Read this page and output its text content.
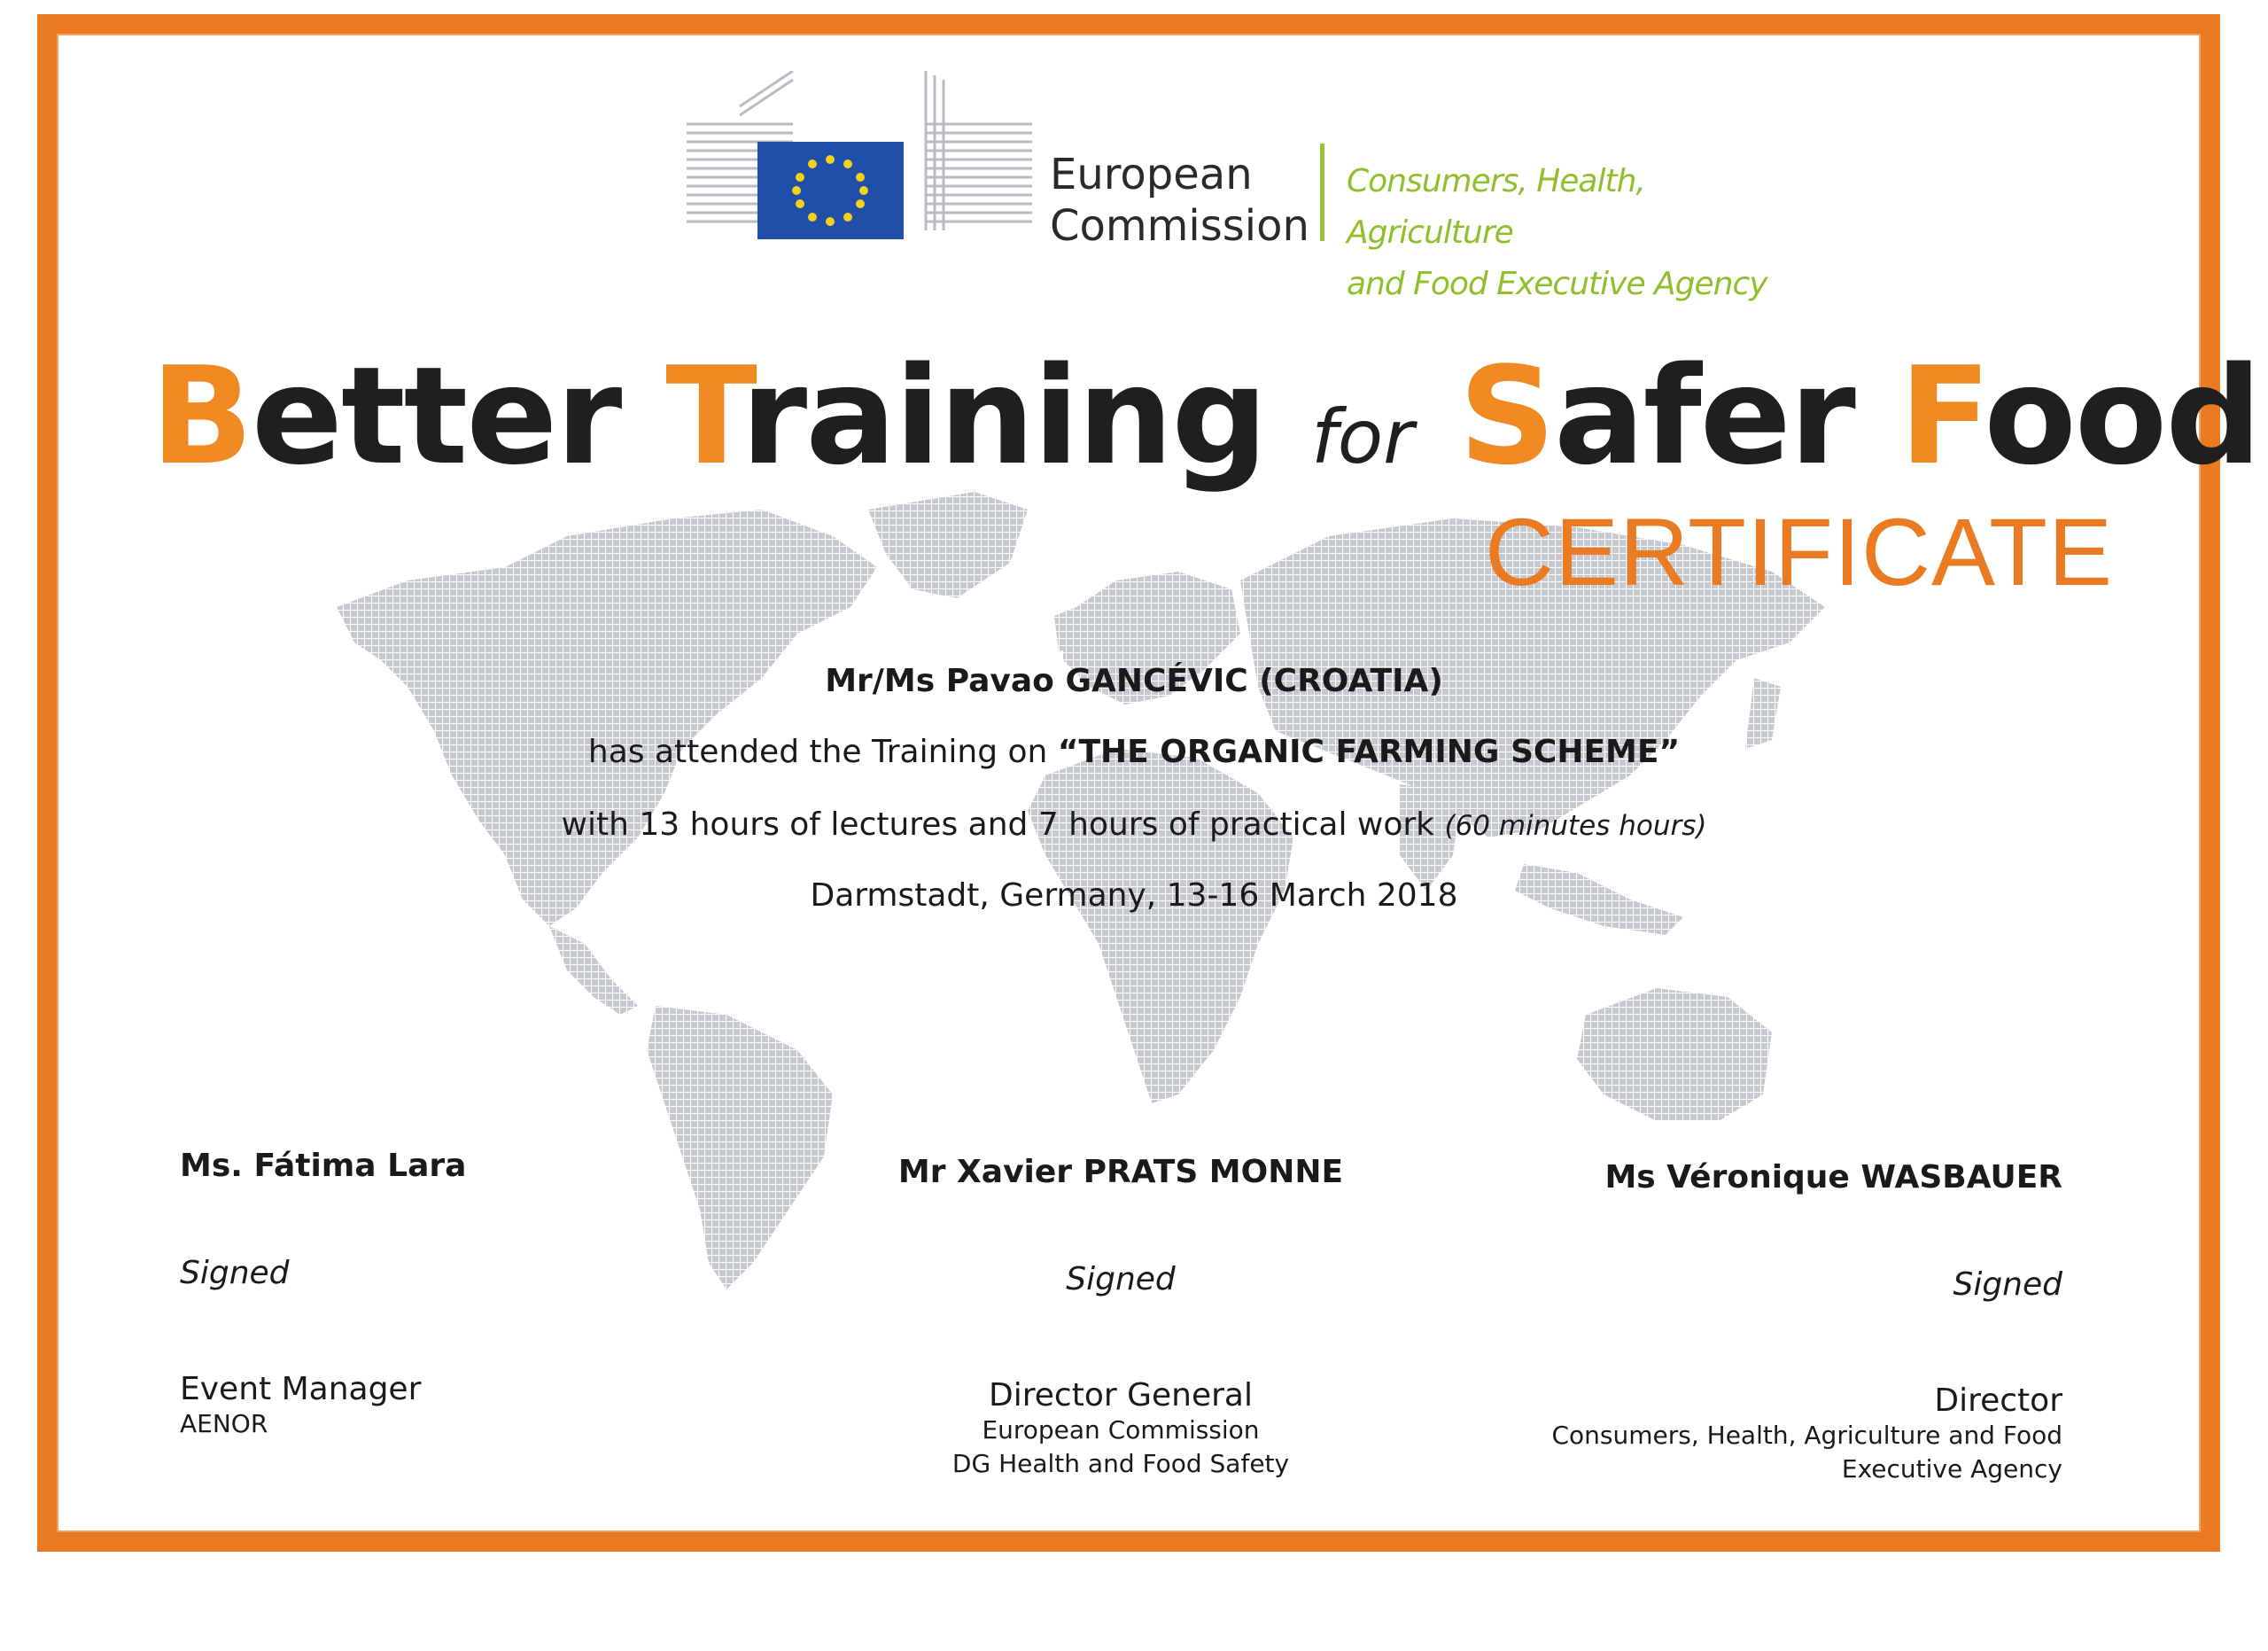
European
Commission
Consumers, Health, Agriculture
and Food Executive Agency
Better Training for Safer Food
CERTIFICATE
Mr/Ms Pavao GANCÉVIC (CROATIA)
has attended the Training on “THE ORGANIC FARMING SCHEME”
with 13 hours of lectures and 7 hours of practical work (60 minutes hours)
Darmstadt, Germany, 13-16 March 2018
Ms. Fátima Lara
Signed
Event Manager
AENOR
Mr Xavier PRATS MONNE
Signed
Director General
European Commission
DG Health and Food Safety
Ms Véronique WASBAUER
Signed
Director
Consumers, Health, Agriculture and Food
Executive Agency
